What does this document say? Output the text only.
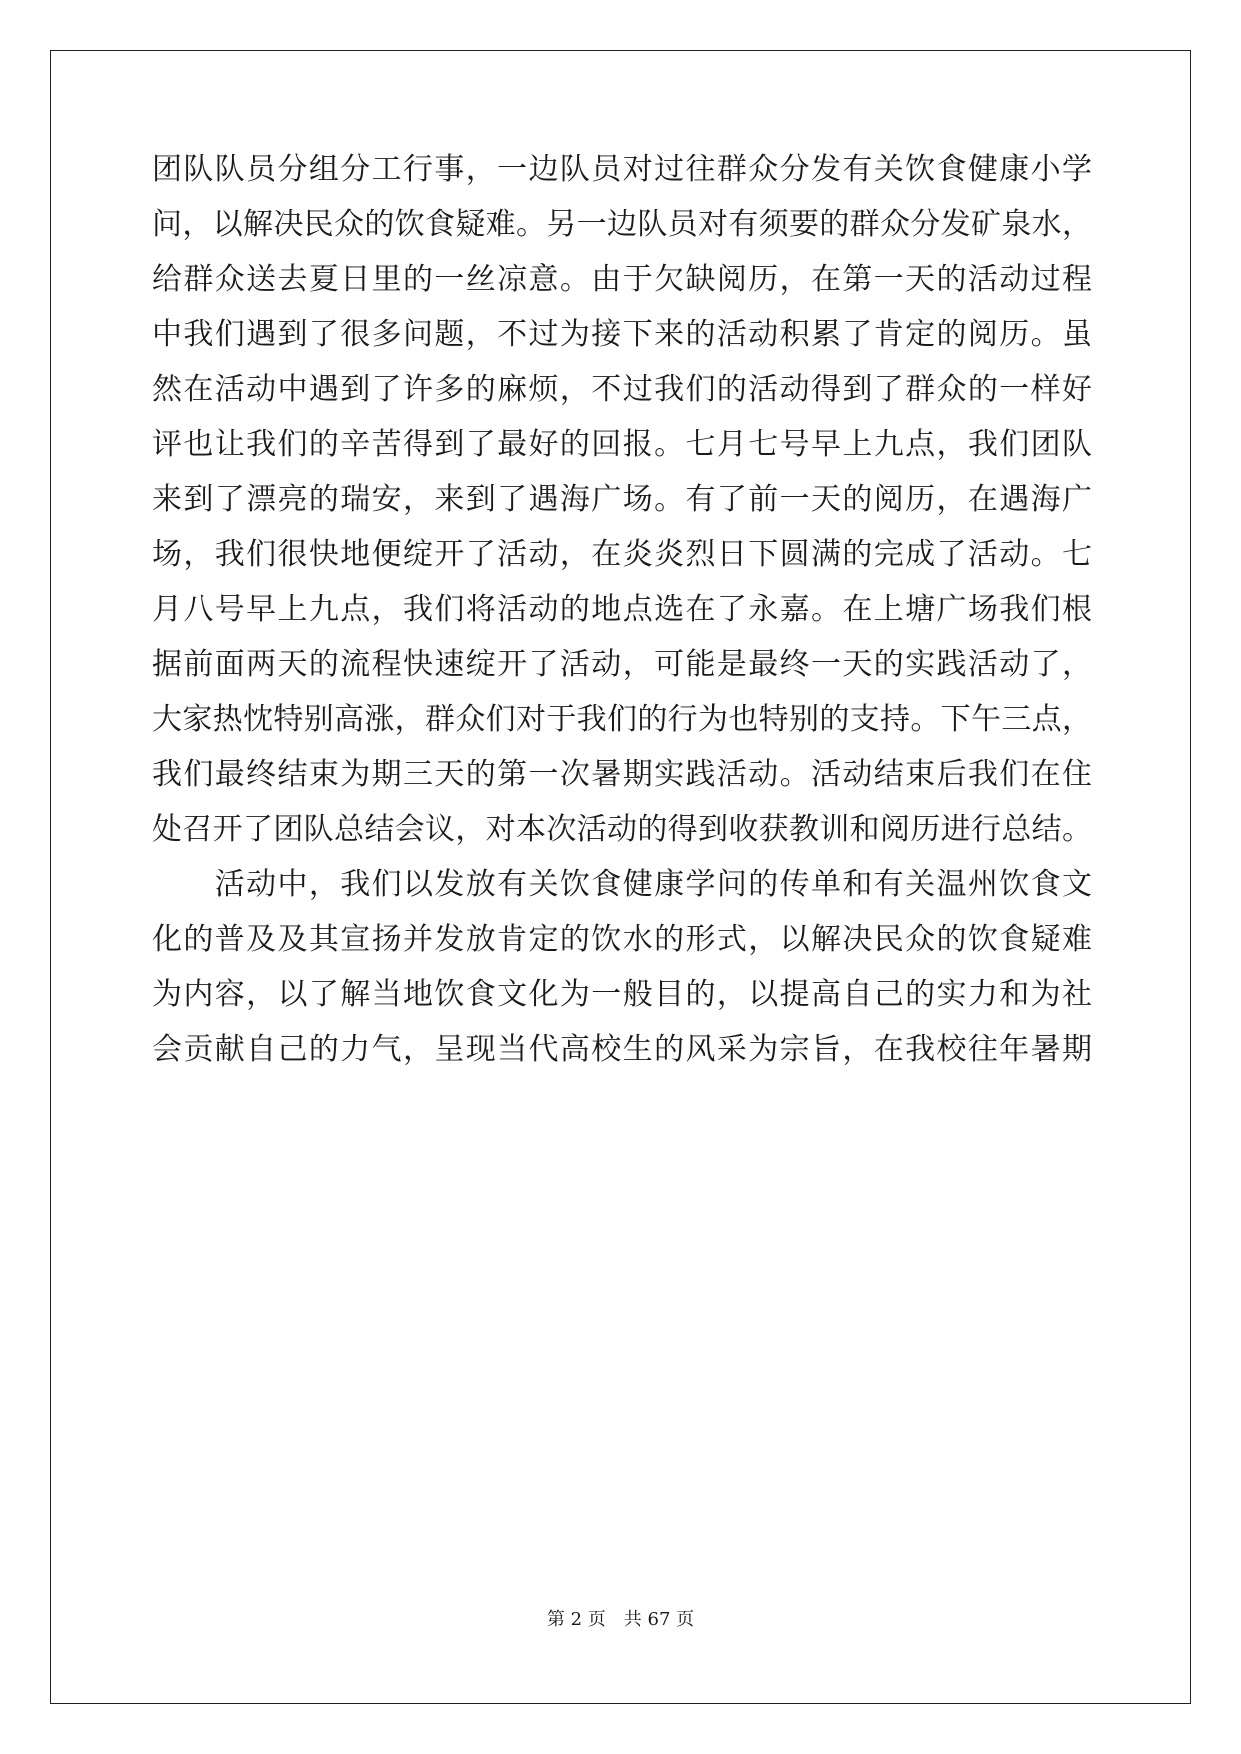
团队队员分组分工行事，一边队员对过往群众分发有关饮食健康小学
问，以解决民众的饮食疑难。另一边队员对有须要的群众分发矿泉水，
给群众送去夏日里的一丝凉意。由于欠缺阅历，在第一天的活动过程
中我们遇到了很多问题，不过为接下来的活动积累了肯定的阅历。虽
然在活动中遇到了许多的麻烦，不过我们的活动得到了群众的一样好
评也让我们的辛苦得到了最好的回报。七月七号早上九点，我们团队
来到了漂亮的瑞安，来到了遇海广场。有了前一天的阅历，在遇海广
场，我们很快地便绽开了活动，在炎炎烈日下圆满的完成了活动。七
月八号早上九点，我们将活动的地点选在了永嘉。在上塘广场我们根
据前面两天的流程快速绽开了活动，可能是最终一天的实践活动了，
大家热忱特别高涨，群众们对于我们的行为也特别的支持。下午三点，
我们最终结束为期三天的第一次暑期实践活动。活动结束后我们在住
处召开了团队总结会议，对本次活动的得到收获教训和阅历进行总结。
　　活动中，我们以发放有关饮食健康学问的传单和有关温州饮食文
化的普及及其宣扬并发放肯定的饮水的形式，以解决民众的饮食疑难
为内容，以了解当地饮食文化为一般目的，以提高自己的实力和为社
会贡献自己的力气，呈现当代高校生的风采为宗旨，在我校往年暑期
第 2 页　共 67 页
